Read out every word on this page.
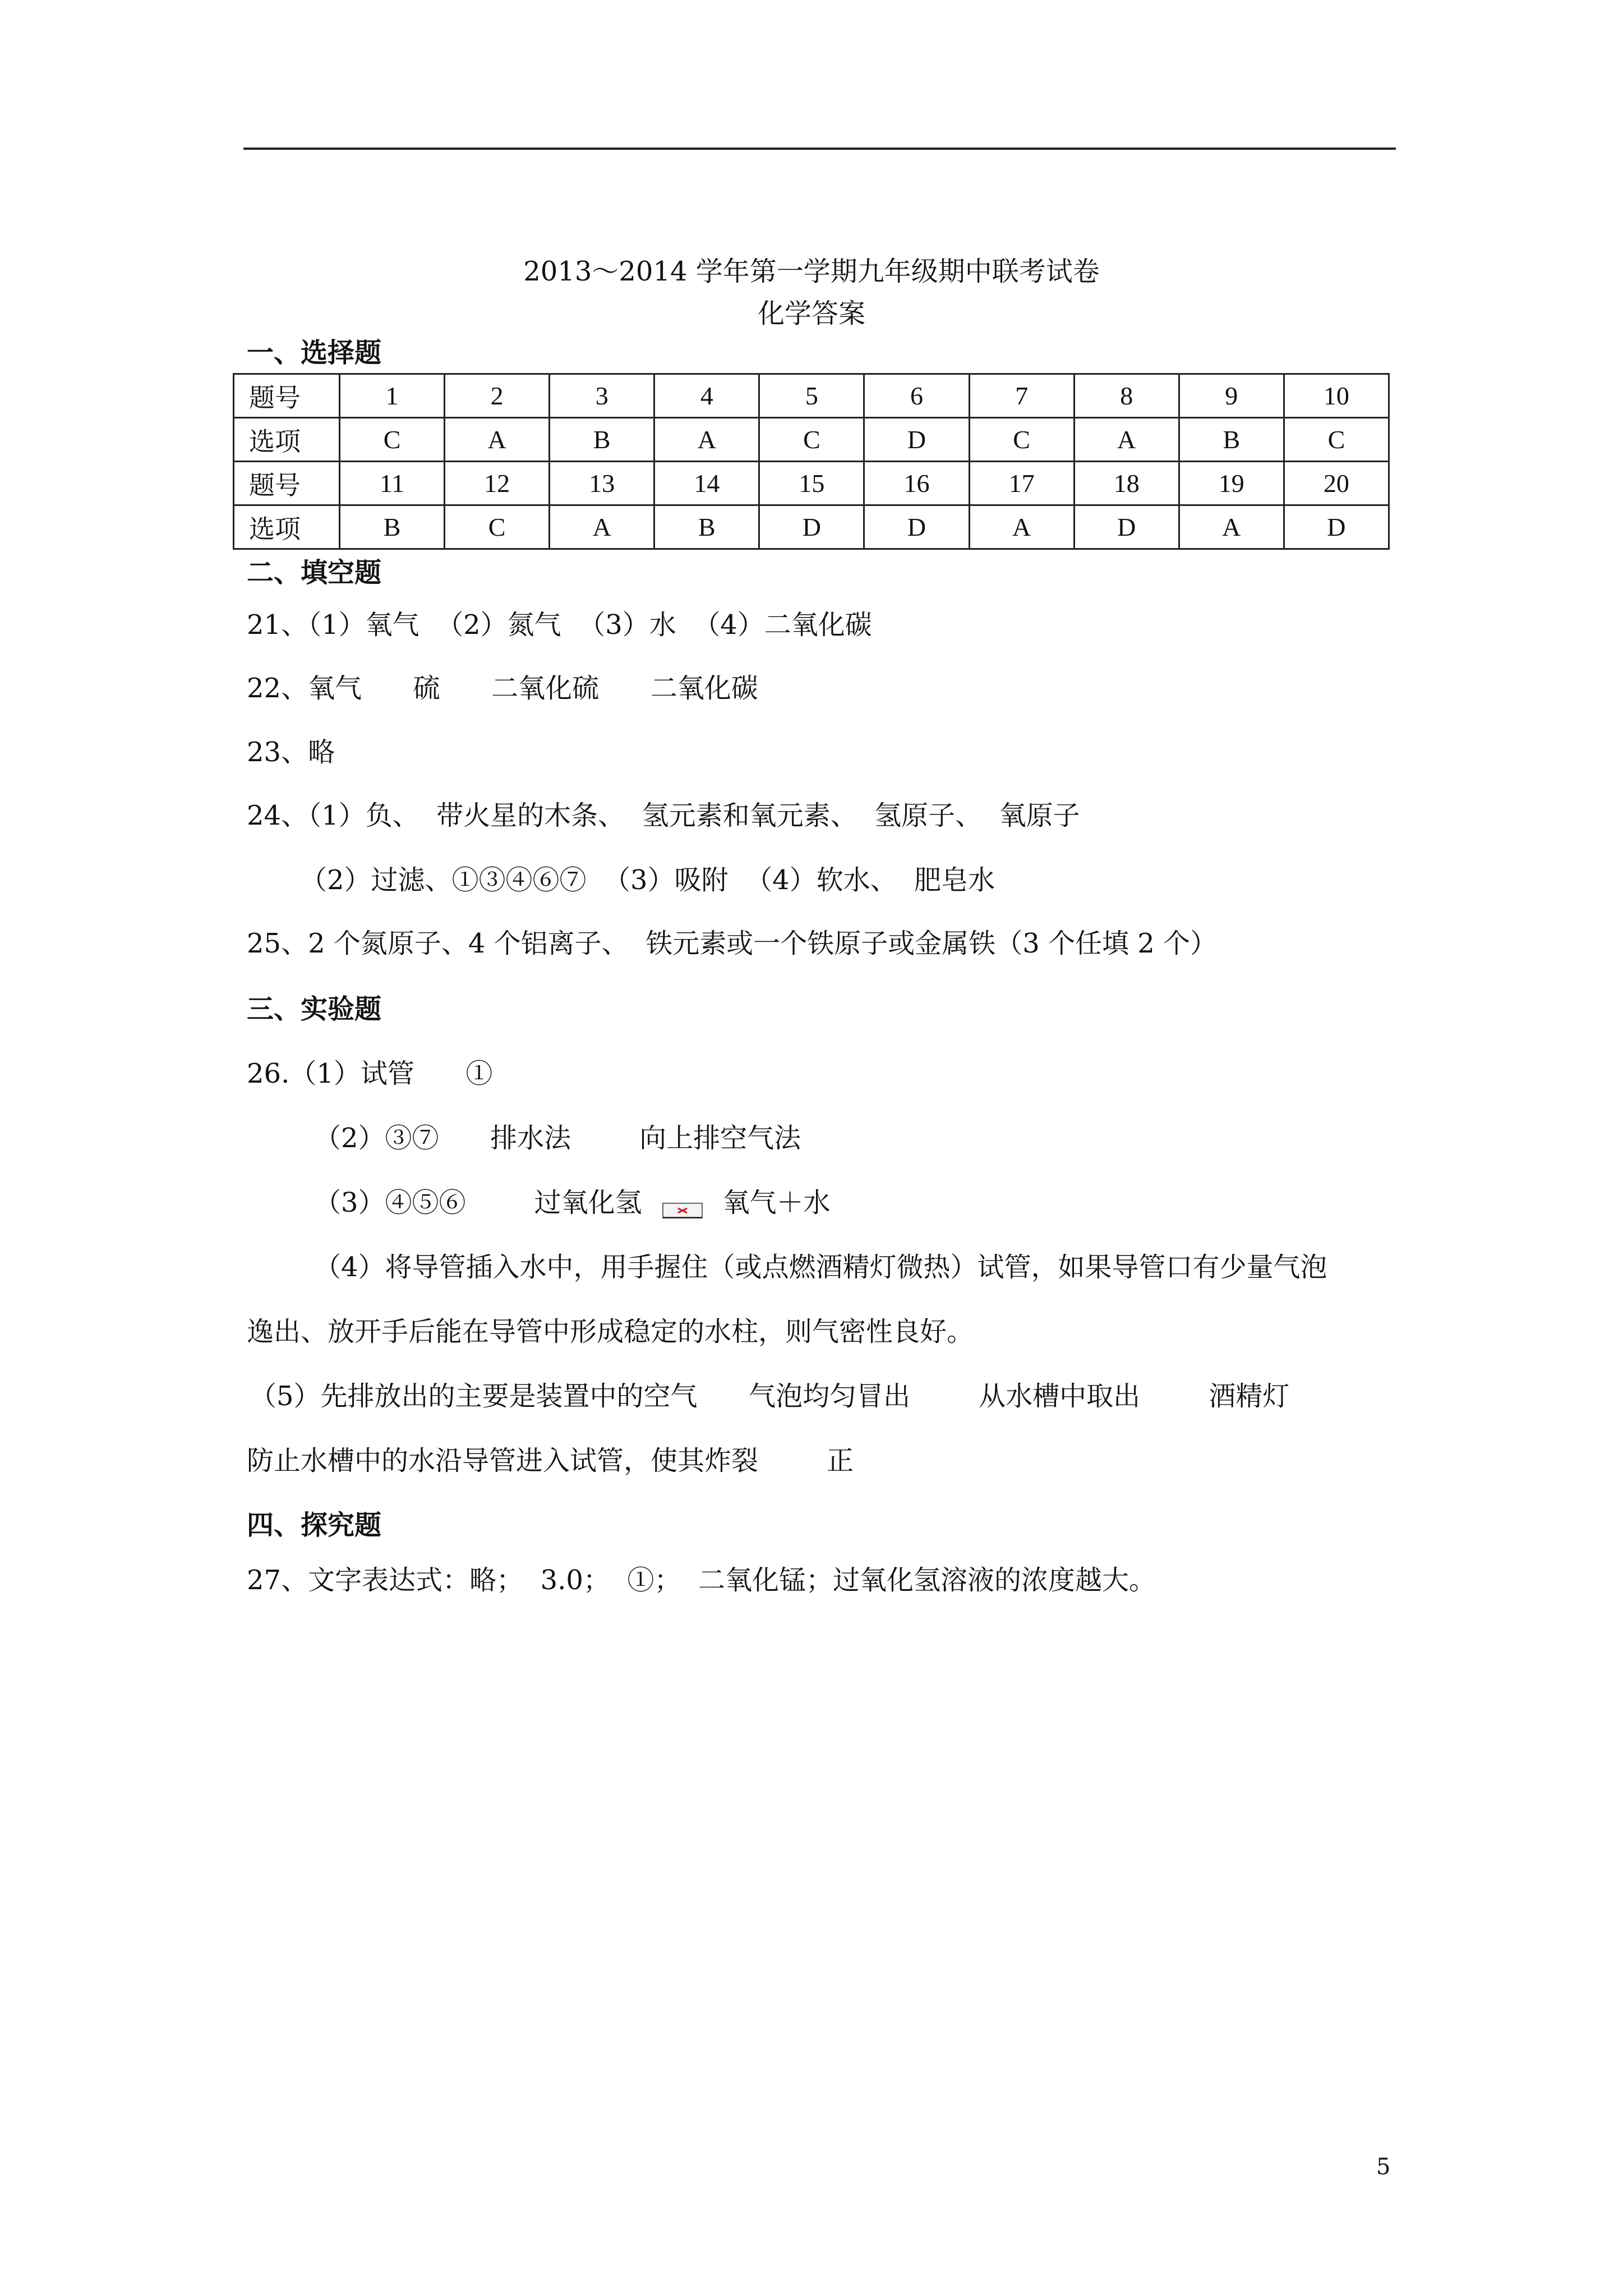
2013～2014 学年第一学期九年级期中联考试卷
化学答案
一、选择题
题号	1	2	3	4	5	6	7	8	9	10
选项	C	A	B	A	C	D	C	A	B	C
题号	11	12	13	14	15	16	17	18	19	20
选项	B	C	A	B	D	D	A	D	A	D
二、填空题
21、（1）氧气  （2）氮气  （3）水  （4）二氧化碳
22、氧气      硫      二氧化硫      二氧化碳
23、略
24、（1）负、  带火星的木条、  氢元素和氧元素、  氢原子、  氧原子
（2）过滤、①③④⑥⑦  （3）吸附  （4）软水、  肥皂水
25、2 个氮原子、4 个铝离子、  铁元素或一个铁原子或金属铁（3 个任填 2 个）
三、实验题
26.（1）试管      ①
（2）③⑦      排水法        向上排空气法
（3）④⑤⑥        过氧化氢	氧气＋水
（4）将导管插入水中，用手握住（或点燃酒精灯微热）试管，如果导管口有少量气泡
逸出、放开手后能在导管中形成稳定的水柱，则气密性良好。
（5）先排放出的主要是装置中的空气      气泡均匀冒出        从水槽中取出        酒精灯
防止水槽中的水沿导管进入试管，使其炸裂        正
四、探究题
27、文字表达式：略；  3.0；  ①；  二氧化锰；过氧化氢溶液的浓度越大。
5
